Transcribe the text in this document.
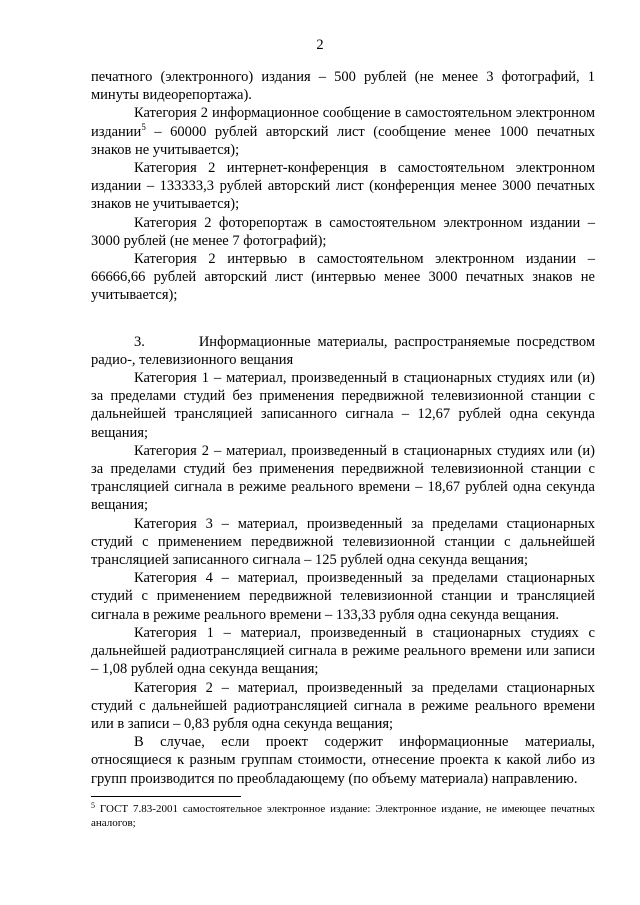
2

печатного (электронного) издания – 500 рублей (не менее 3 фотографий, 1 минуты видеорепортажа).

Категория 2 информационное сообщение в самостоятельном электронном издании$^5$ – 60000 рублей авторский лист (сообщение менее 1000 печатных знаков не учитывается);

Категория 2 интернет-конференция в самостоятельном электронном издании – 133333,3 рублей авторский лист (конференция менее 3000 печатных знаков не учитывается);

Категория 2 фоторепортаж в самостоятельном электронном издании – 3000 рублей (не менее 7 фотографий);

Категория 2 интервью в самостоятельном электронном издании – 66666,66 рублей авторский лист (интервью менее 3000 печатных знаков не учитывается);

3.        Информационные материалы, распространяемые посредством радио-, телевизионного вещания

Категория 1 – материал, произведенный в стационарных студиях или (и) за пределами студий без применения передвижной телевизионной станции с дальнейшей трансляцией записанного сигнала – 12,67 рублей одна секунда вещания;

Категория 2 – материал, произведенный в стационарных студиях или (и) за пределами студий без применения передвижной телевизионной станции с трансляцией сигнала в режиме реального времени – 18,67 рублей одна секунда вещания;

Категория 3 – материал, произведенный за пределами стационарных студий с применением передвижной телевизионной станции с дальнейшей трансляцией записанного сигнала – 125 рублей одна секунда вещания;

Категория 4 – материал, произведенный за пределами стационарных студий с применением передвижной телевизионной станции и трансляцией сигнала в режиме реального времени – 133,33 рубля одна секунда вещания.

Категория 1 – материал, произведенный в стационарных студиях с дальнейшей радиотрансляцией сигнала в режиме реального времени или записи – 1,08 рублей одна секунда вещания;

Категория 2 – материал, произведенный за пределами стационарных студий с дальнейшей радиотрансляцией сигнала в режиме реального времени или в записи – 0,83 рубля одна секунда вещания;

В случае, если проект содержит информационные материалы, относящиеся к разным группам стоимости, отнесение проекта к какой либо из групп производится по преобладающему (по объему материала) направлению.

$^5$ ГОСТ 7.83-2001 самостоятельное электронное издание: Электронное издание, не имеющее печатных аналогов;
